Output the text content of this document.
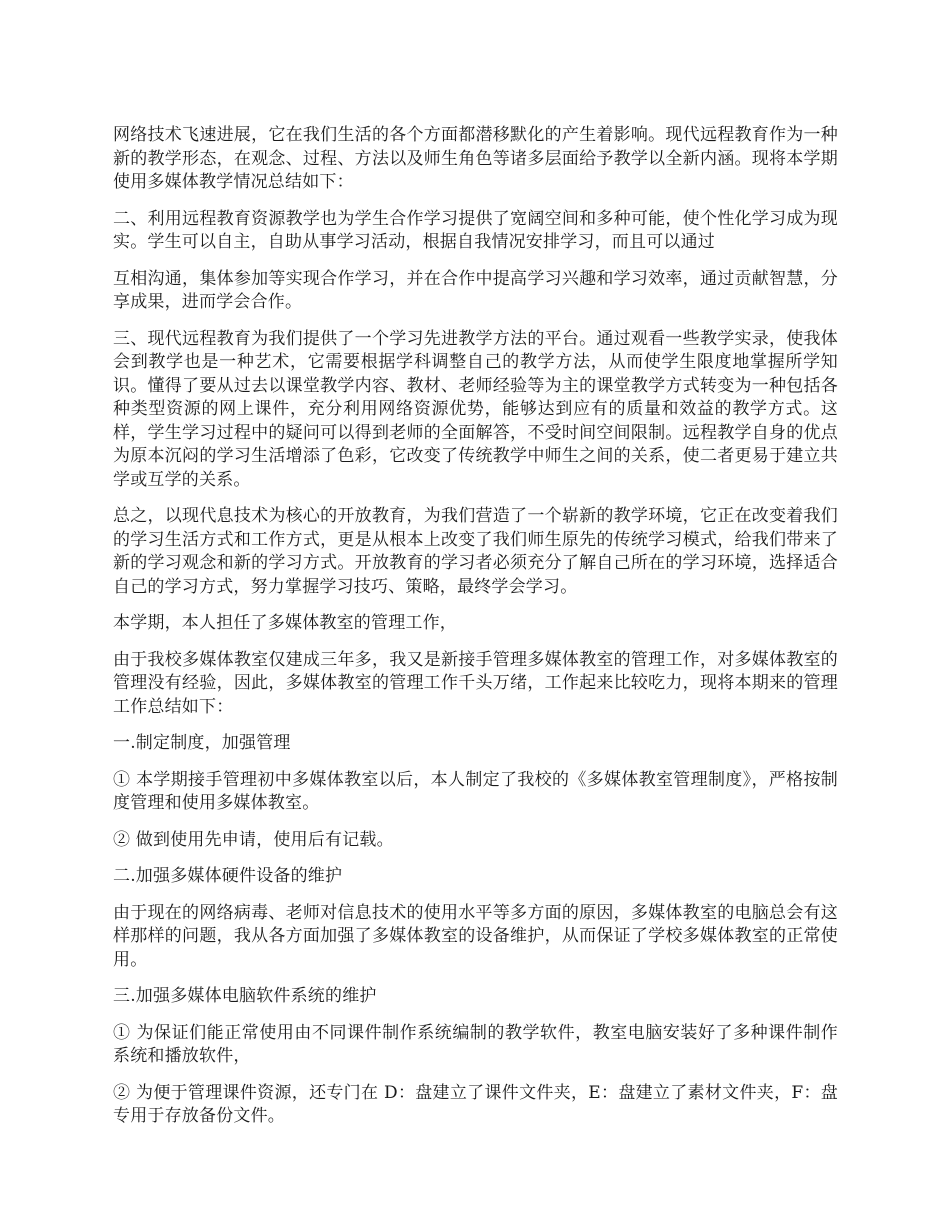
网络技术飞速进展，它在我们生活的各个方面都潜移默化的产生着影响。现代远程教育作为一种新的教学形态，在观念、过程、方法以及师生角色等诸多层面给予教学以全新内涵。现将本学期使用多媒体教学情况总结如下：

二、利用远程教育资源教学也为学生合作学习提供了宽阔空间和多种可能，使个性化学习成为现实。学生可以自主，自助从事学习活动，根据自我情况安排学习，而且可以通过

互相沟通，集体参加等实现合作学习，并在合作中提高学习兴趣和学习效率，通过贡献智慧，分享成果，进而学会合作。

三、现代远程教育为我们提供了一个学习先进教学方法的平台。通过观看一些教学实录，使我体会到教学也是一种艺术，它需要根据学科调整自己的教学方法，从而使学生限度地掌握所学知识。懂得了要从过去以课堂教学内容、教材、老师经验等为主的课堂教学方式转变为一种包括各种类型资源的网上课件，充分利用网络资源优势，能够达到应有的质量和效益的教学方式。这样，学生学习过程中的疑问可以得到老师的全面解答，不受时间空间限制。远程教学自身的优点为原本沉闷的学习生活增添了色彩，它改变了传统教学中师生之间的关系，使二者更易于建立共学或互学的关系。

总之，以现代息技术为核心的开放教育，为我们营造了一个崭新的教学环境，它正在改变着我们的学习生活方式和工作方式，更是从根本上改变了我们师生原先的传统学习模式，给我们带来了新的学习观念和新的学习方式。开放教育的学习者必须充分了解自己所在的学习环境，选择适合自己的学习方式，努力掌握学习技巧、策略，最终学会学习。

本学期，本人担任了多媒体教室的管理工作，

由于我校多媒体教室仅建成三年多，我又是新接手管理多媒体教室的管理工作，对多媒体教室的管理没有经验，因此，多媒体教室的管理工作千头万绪，工作起来比较吃力，现将本期来的管理工作总结如下：

一.制定制度，加强管理

① 本学期接手管理初中多媒体教室以后，本人制定了我校的《多媒体教室管理制度》，严格按制度管理和使用多媒体教室。

② 做到使用先申请，使用后有记载。

二.加强多媒体硬件设备的维护

由于现在的网络病毒、老师对信息技术的使用水平等多方面的原因，多媒体教室的电脑总会有这样那样的问题，我从各方面加强了多媒体教室的设备维护，从而保证了学校多媒体教室的正常使用。

三.加强多媒体电脑软件系统的维护

① 为保证们能正常使用由不同课件制作系统编制的教学软件，教室电脑安装好了多种课件制作系统和播放软件，

② 为便于管理课件资源，还专门在 D：盘建立了课件文件夹，E：盘建立了素材文件夹，F：盘专用于存放备份文件。
